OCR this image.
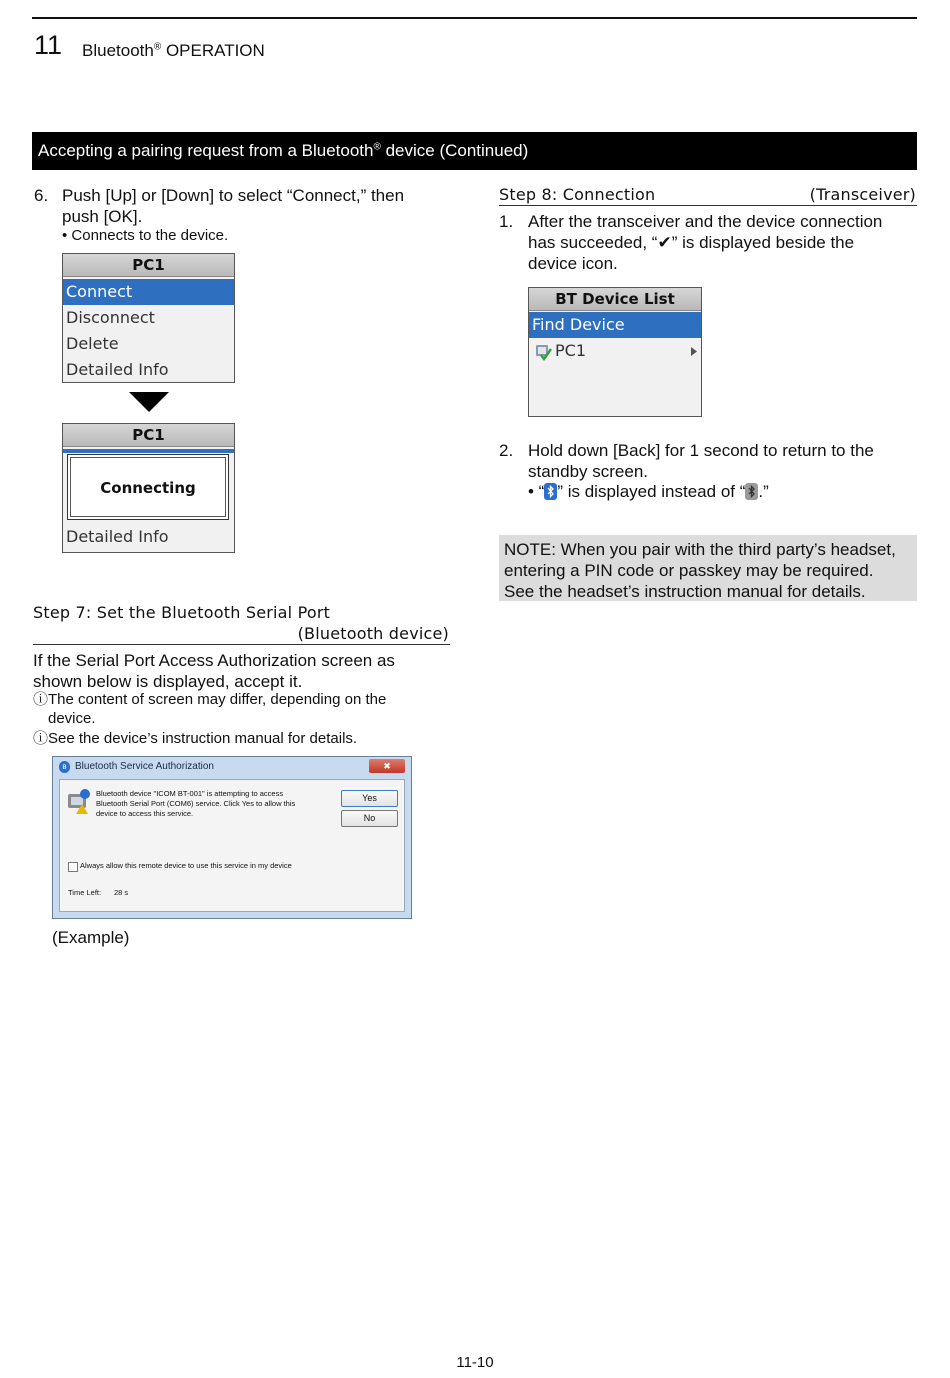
11 Bluetooth® OPERATION
Accepting a pairing request from a Bluetooth® device (Continued)
6. Push [Up] or [Down] to select “Connect,” then
push [OK].
• Connects to the device.
PC1
Connect
Disconnect
Delete
Detailed Info
PC1
Connecting
Detailed Info
Step 7: Set the Bluetooth Serial Port
(Bluetooth device)
If the Serial Port Access Authorization screen as
shown below is displayed, accept it.
ⓘThe content of screen may differ, depending on the
device.
ⓘSee the device’s instruction manual for details.
ʙ Bluetooth Service Authorization	✖
Bluetooth device "ICOM BT-001" is attempting to access
Bluetooth Serial Port (COM6) service. Click Yes to allow this
device to access this service.
Yes
No
Always allow this remote device to use this service in my device
Time Left: 28 s
(Example)
Step 8: Connection	(Transceiver)
1. After the transceiver and the device connection
has succeeded, “✔” is displayed beside the
device icon.
BT Device List
Find Device
PC1
2. Hold down [Back] for 1 second to return to the
standby screen.
• “ ” is displayed instead of “ .”
NOTE: When you pair with the third party’s headset,
entering a PIN code or passkey may be required.
See the headset’s instruction manual for details.
11-10
